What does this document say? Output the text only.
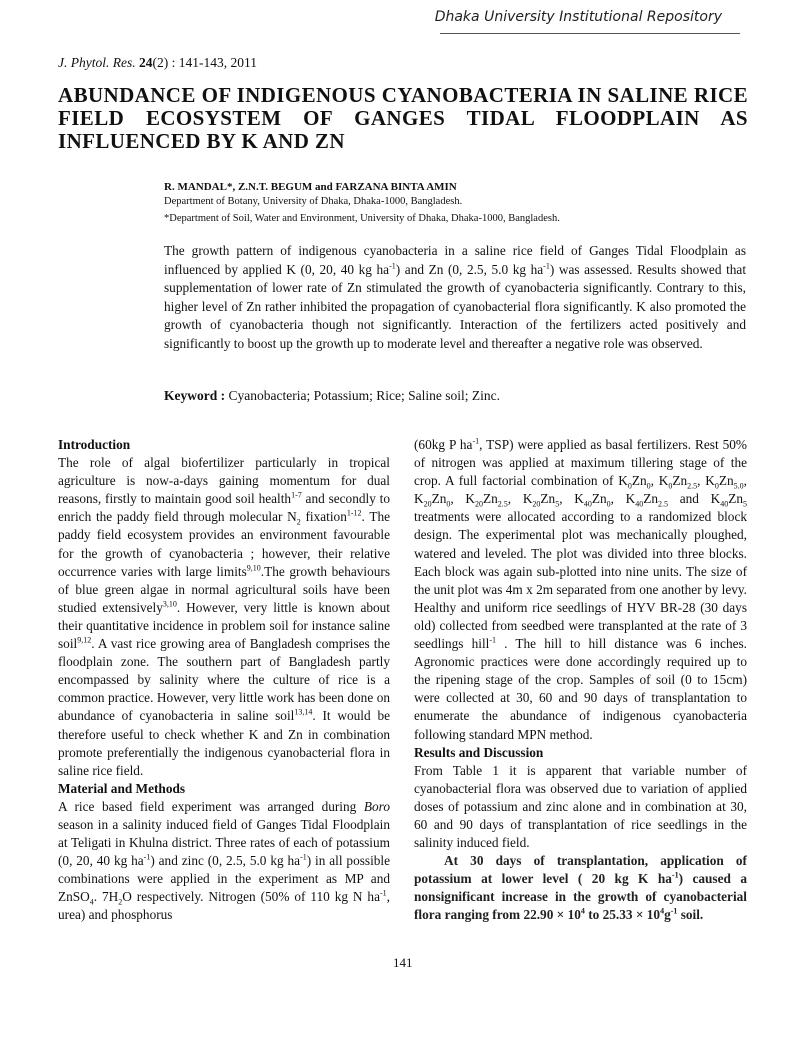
Dhaka University Institutional Repository
J. Phytol. Res. 24(2) : 141-143, 2011
ABUNDANCE OF INDIGENOUS CYANOBACTERIA IN SALINE RICE FIELD ECOSYSTEM OF GANGES TIDAL FLOODPLAIN AS INFLUENCED BY K AND ZN
R. MANDAL*, Z.N.T. BEGUM and FARZANA BINTA AMIN
Department of Botany, University of Dhaka, Dhaka-1000, Bangladesh.
*Department of Soil, Water and Environment, University of Dhaka, Dhaka-1000, Bangladesh.
The growth pattern of indigenous cyanobacteria in a saline rice field of Ganges Tidal Floodplain as influenced by applied K (0, 20, 40 kg $ha^{-1}$) and Zn (0, 2.5, 5.0 kg $ha^{-1}$) was assessed. Results showed that supplementation of lower rate of Zn stimulated the growth of cyanobacteria significantly. Contrary to this, higher level of Zn rather inhibited the propagation of cyanobacterial flora significantly. K also promoted the growth of cyanobacteria though not significantly. Interaction of the fertilizers acted positively and significantly to boost up the growth up to moderate level and thereafter a negative role was observed.
Keyword : Cyanobacteria; Potassium; Rice; Saline soil; Zinc.

Introduction

The role of algal biofertilizer particularly in tropical agriculture is now-a-days gaining momentum for dual reasons, firstly to maintain good soil health$^{1-7}$ and secondly to enrich the paddy field through molecular $N_2$ fixation$^{1-12}$. The paddy field ecosystem provides an environment favourable for the growth of cyanobacteria ; however, their relative occurrence varies with large limits$^{9,10}$.The growth behaviours of blue green algae in normal agricultural soils have been studied extensively$^{3,10}$. However, very little is known about their quantitative incidence in problem soil for instance saline soil$^{9,12}$. A vast rice growing area of Bangladesh comprises the floodplain zone. The southern part of Bangladesh partly encompassed by salinity where the culture of rice is a common practice. However, very little work has been done on abundance of cyanobacteria in saline soil$^{13,14}$. It would be therefore useful to check whether K and Zn in combination promote preferentially the indigenous cyanobacterial flora in saline rice field.

Material and Methods

A rice based field experiment was arranged during Boro season in a salinity induced field of Ganges Tidal Floodplain at Teligati in Khulna district. Three rates of each of potassium (0, 20, 40 kg $ha^{-1}$) and zinc (0, 2.5, 5.0 kg $ha^{-1}$) in all possible combinations were applied in the experiment as MP and ZnSO$_4$. $7H_2O$ respectively. Nitrogen (50% of 110 kg N $ha^{-1}$, urea) and phosphorus

(60kg P $ha^{-1}$, TSP) were applied as basal fertilizers. Rest 50% of nitrogen was applied at maximum tillering stage of the crop. A full factorial combination of $K_0Zn_0$, $K_0Zn_{2.5}$, $K_0Zn_{5.0}$, $K_{20}Zn_0$, $K_{20}Zn_{2.5}$, $K_{20}Zn_5$, $K_{40}Zn_0$, $K_{40}Zn_{2.5}$ and $K_{40}Zn_5$ treatments were allocated according to a randomized block design. The experimental plot was mechanically ploughed, watered and leveled. The plot was divided into three blocks. Each block was again sub-plotted into nine units. The size of the unit plot was 4m x 2m separated from one another by levy. Healthy and uniform rice seedlings of HYV BR-28 (30 days old) collected from seedbed were transplanted at the rate of 3 seedlings hill$^{-1}$ . The hill to hill distance was 6 inches. Agronomic practices were done accordingly required up to the ripening stage of the crop. Samples of soil (0 to 15cm) were collected at 30, 60 and 90 days of transplantation to enumerate the abundance of indigenous cyanobacteria following standard MPN method.

Results and Discussion

From Table 1 it is apparent that variable number of cyanobacterial flora was observed due to variation of applied doses of potassium and zinc alone and in combination at 30, 60 and 90 days of transplantation of rice seedlings in the salinity induced field.

At 30 days of transplantation, application of potassium at lower level ( 20 kg K $ha^{-1}$) caused a nonsignificant increase in the growth of cyanobacterial flora ranging from $22.90 \times 10^4$ to $25.33 \times 10^4g^{-1}$ soil.

141
